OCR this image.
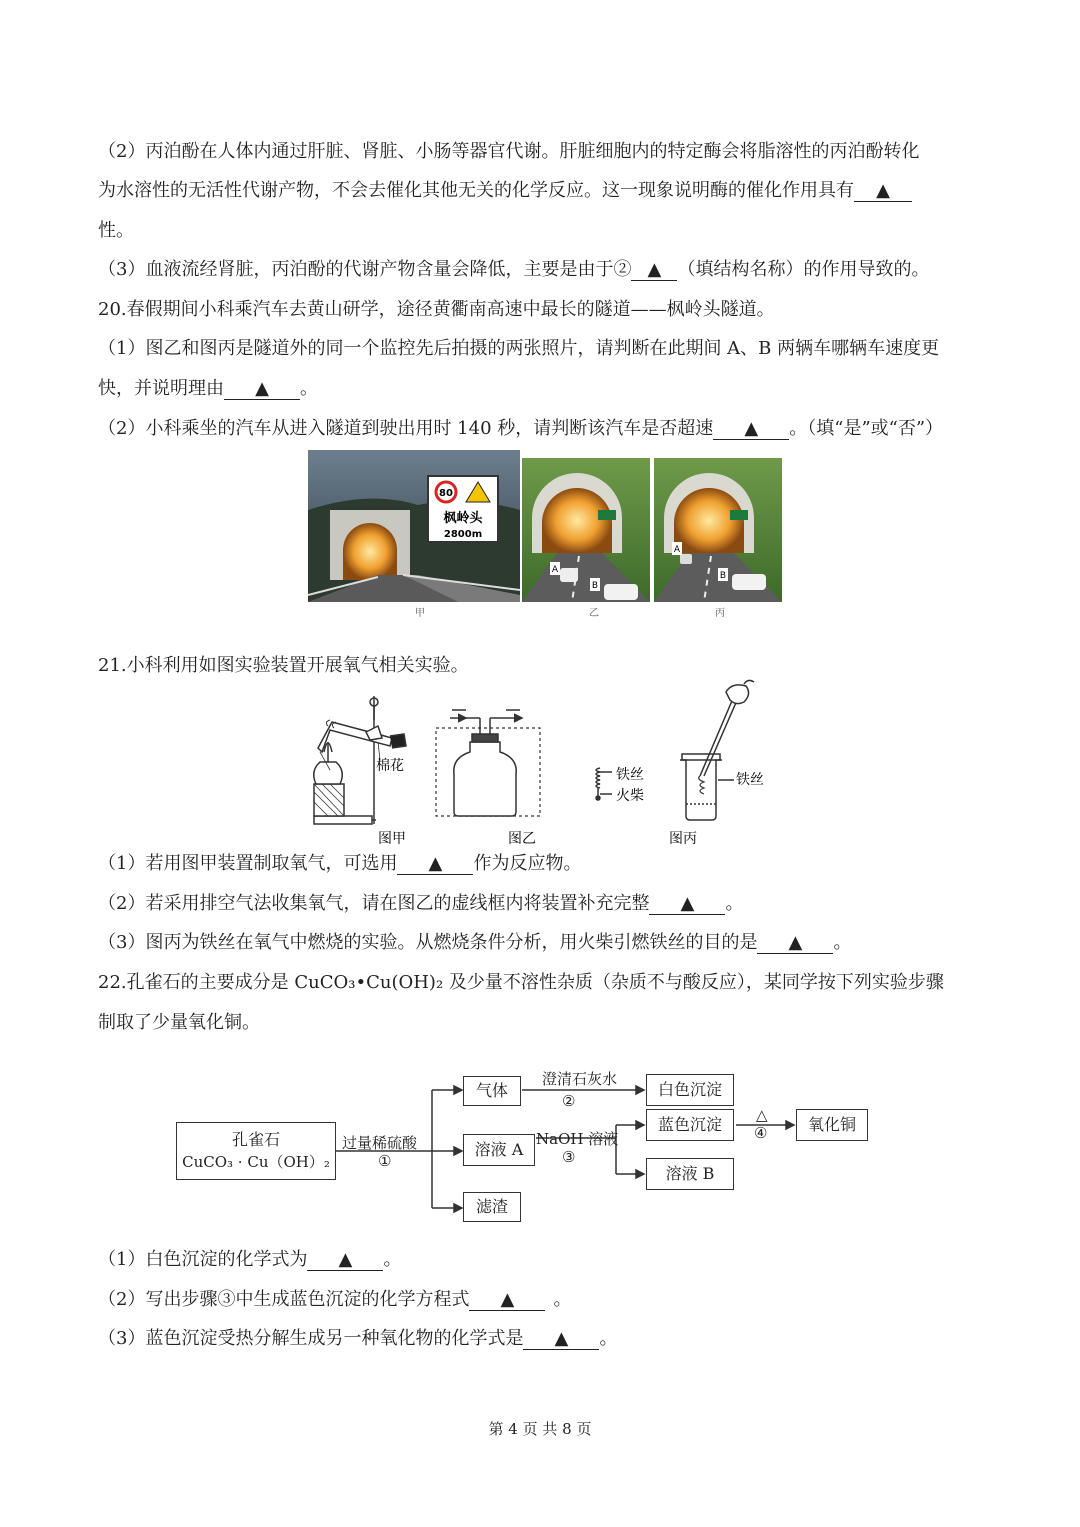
（2）丙泊酚在人体内通过肝脏、肾脏、小肠等器官代谢。肝脏细胞内的特定酶会将脂溶性的丙泊酚转化
为水溶性的无活性代谢产物，不会去催化其他无关的化学反应。这一现象说明酶的催化作用具有 ▲
性。
（3）血液流经肾脏，丙泊酚的代谢产物含量会降低，主要是由于② ▲ （填结构名称）的作用导致的。
20.春假期间小科乘汽车去黄山研学，途径黄衢南高速中最长的隧道——枫岭头隧道。
（1）图乙和图丙是隧道外的同一个监控先后拍摄的两张照片，请判断在此期间 A、B 两辆车哪辆车速度更
快，并说明理由 ▲ 。
（2）小科乘坐的汽车从进入隧道到驶出用时 140 秒，请判断该汽车是否超速 ▲ 。（填“是”或“否”）
80
枫岭头
2800m
A
B
A
B
甲	乙	丙
21.小科利用如图实验装置开展氧气相关实验。
棉花
铁丝
火柴
铁丝
图甲	图乙	图丙
（1）若用图甲装置制取氧气，可选用 ▲ 作为反应物。
（2）若采用排空气法收集氧气，请在图乙的虚线框内将装置补充完整 ▲ 。
（3）图丙为铁丝在氧气中燃烧的实验。从燃烧条件分析，用火柴引燃铁丝的目的是 ▲ 。
22.孔雀石的主要成分是 CuCO₃•Cu(OH)₂ 及少量不溶性杂质（杂质不与酸反应），某同学按下列实验步骤
制取了少量氧化铜。
孔雀石
CuCO₃ · Cu（OH）₂
过量稀硫酸
①
气体
溶液 A
滤渣
澄清石灰水
②
NaOH 溶液
③
白色沉淀
蓝色沉淀
溶液 B
△
④	氧化铜
（1）白色沉淀的化学式为 ▲ 。
（2）写出步骤③中生成蓝色沉淀的化学方程式 ▲ 。
（3）蓝色沉淀受热分解生成另一种氧化物的化学式是 ▲ 。
第 4 页 共 8 页
